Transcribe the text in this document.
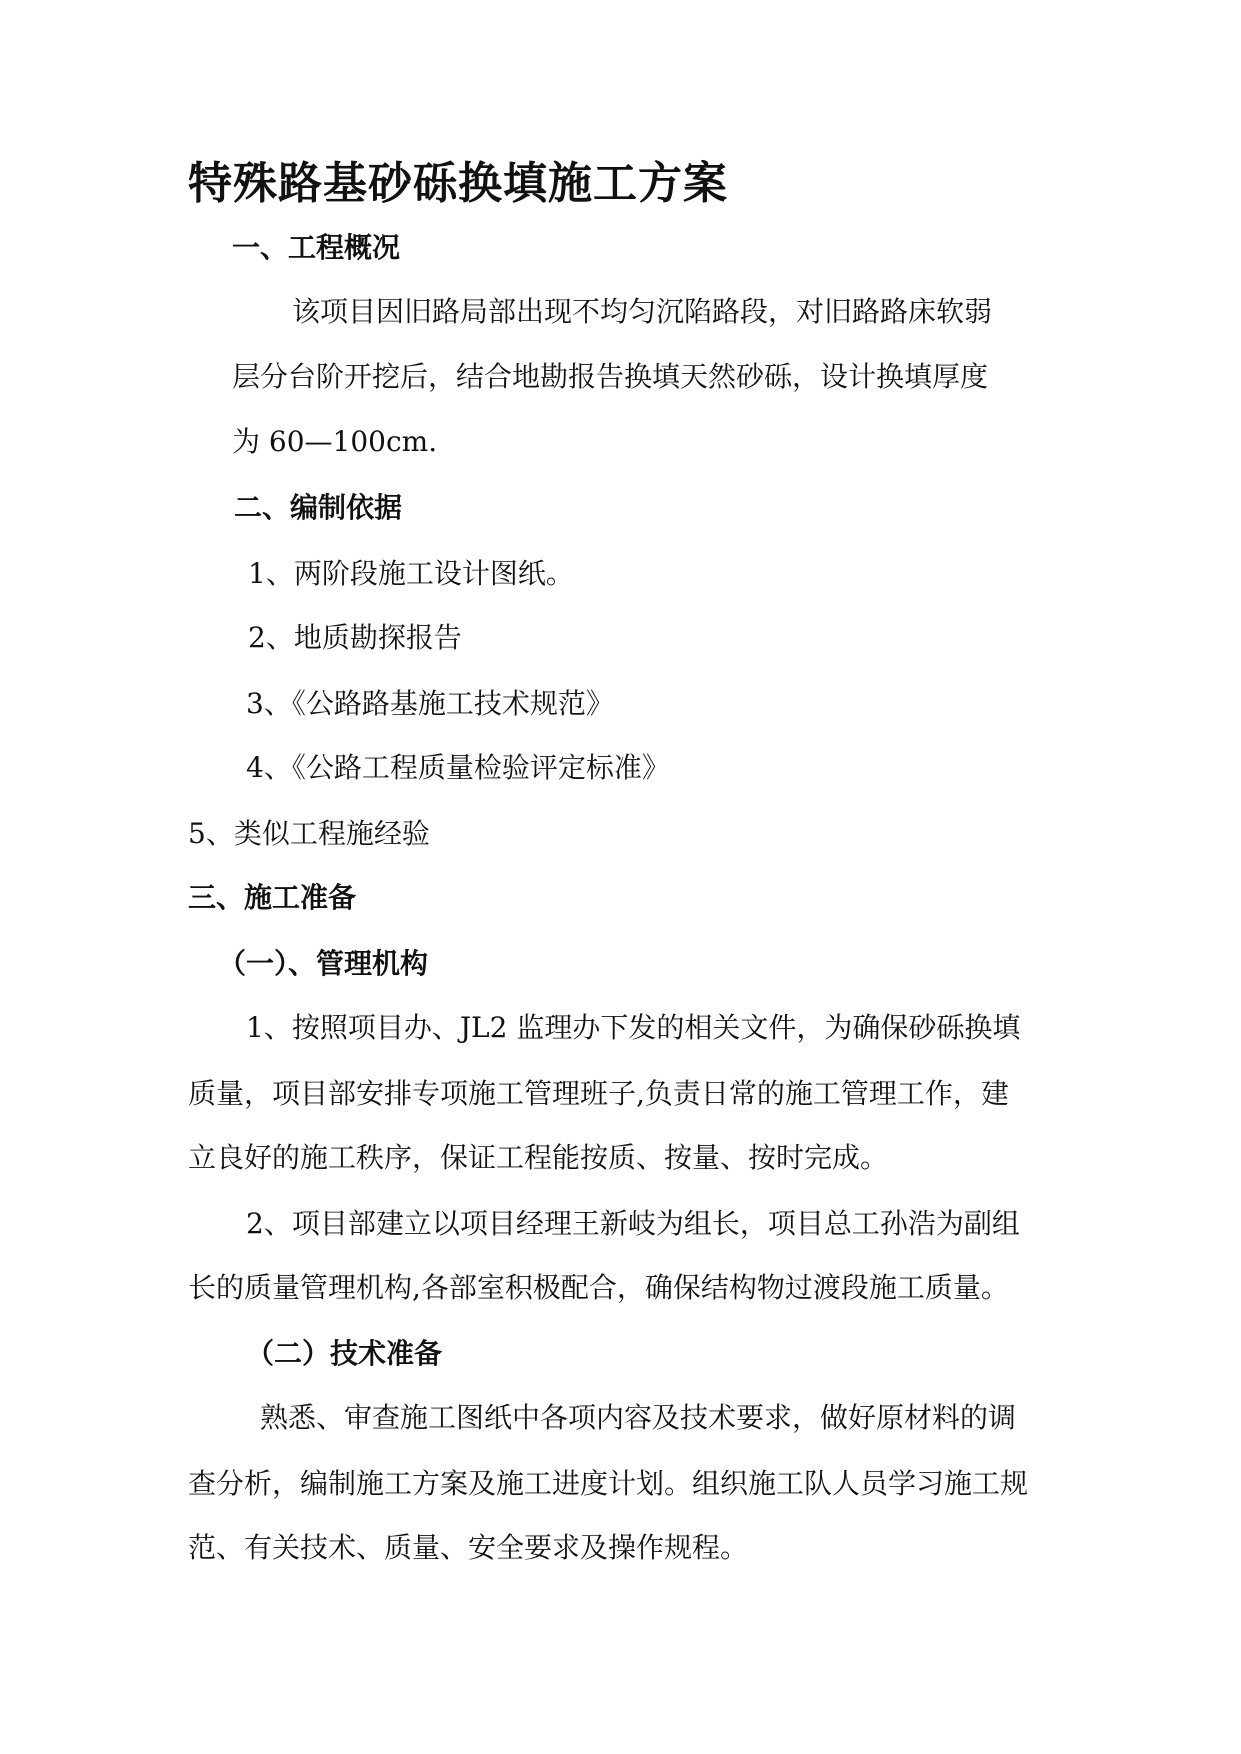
特殊路基砂砾换填施工方案
一、工程概况
该项目因旧路局部出现不均匀沉陷路段，对旧路路床软弱
层分台阶开挖后，结合地勘报告换填天然砂砾，设计换填厚度
为 60—100cm.
二、编制依据
1、两阶段施工设计图纸。
2、地质勘探报告
3、《公路路基施工技术规范》
4、《公路工程质量检验评定标准》
5、类似工程施经验
三、施工准备
（一）、管理机构
1、按照项目办、JL2 监理办下发的相关文件，为确保砂砾换填
质量，项目部安排专项施工管理班子,负责日常的施工管理工作，建
立良好的施工秩序，保证工程能按质、按量、按时完成。
2、项目部建立以项目经理王新岐为组长，项目总工孙浩为副组
长的质量管理机构,各部室积极配合，确保结构物过渡段施工质量。
（二）技术准备
熟悉、审查施工图纸中各项内容及技术要求，做好原材料的调
查分析，编制施工方案及施工进度计划。组织施工队人员学习施工规
范、有关技术、质量、安全要求及操作规程。
